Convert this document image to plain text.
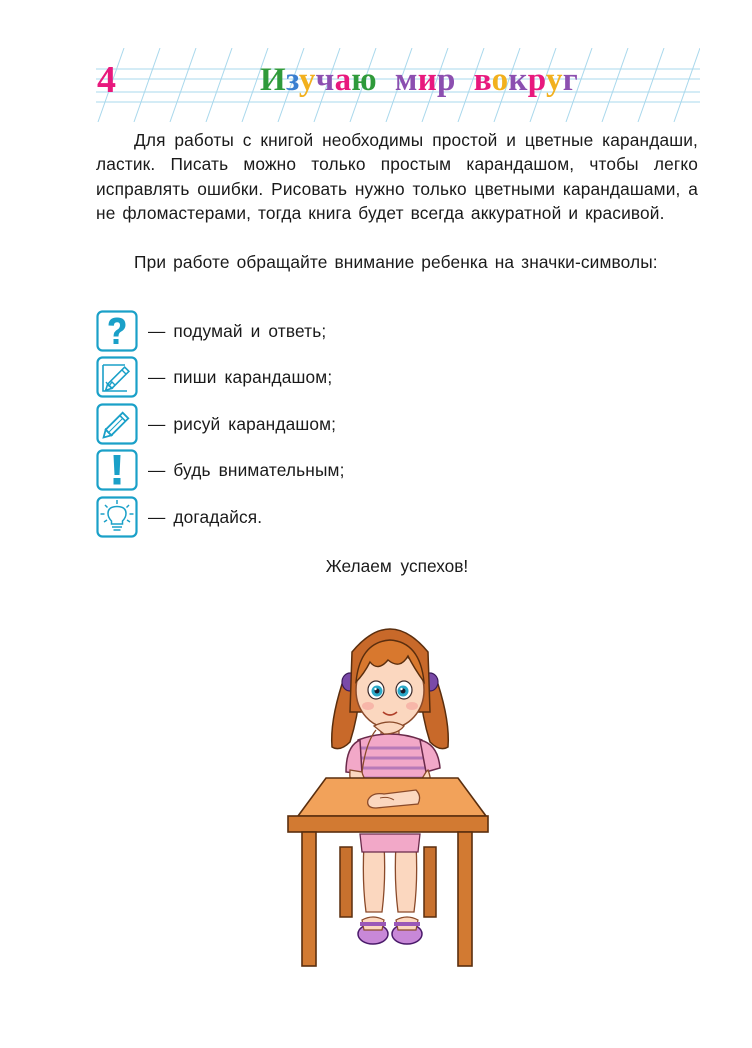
4	Изучаю мир вокруг

Для работы с книгой необходимы простой и цветные карандаши, ластик. Писать можно только простым карандашом, чтобы легко исправлять ошибки. Рисовать нужно только цветными карандашами, а не фломастерами, тогда книга будет всегда аккуратной и красивой.

При работе обращайте внимание ребенка на значки-символы:

— подумай и ответь;
— пиши карандашом;
— рисуй карандашом;
— будь внимательным;
— догадайся.
Желаем успехов!
